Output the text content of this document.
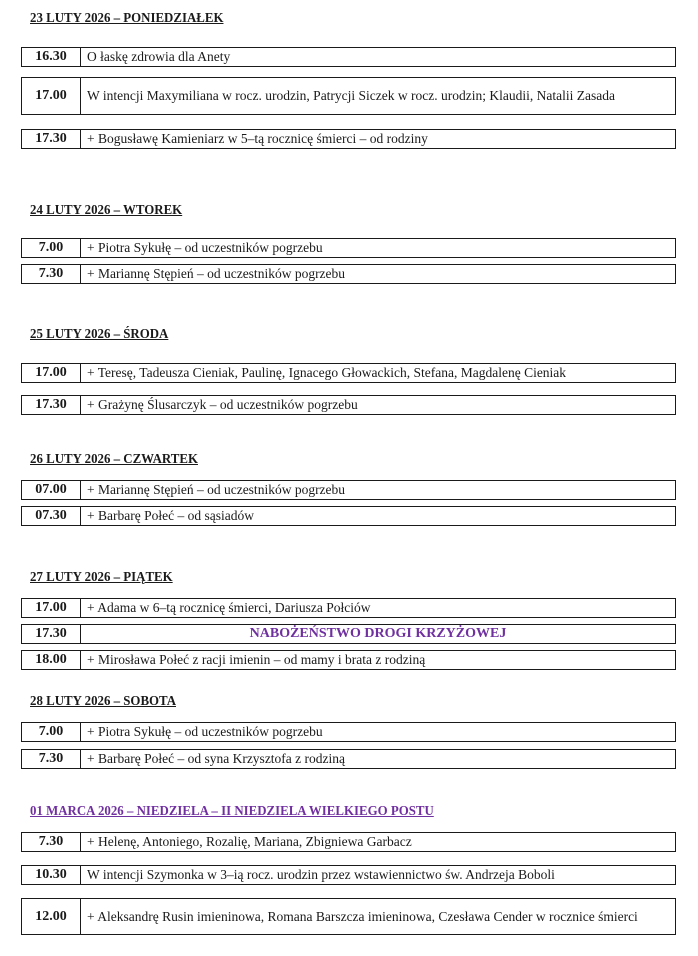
23 LUTY 2026 – PONIEDZIAŁEK
16.30	O łaskę zdrowia dla Anety
17.00	W intencji Maxymiliana w rocz. urodzin, Patrycji Siczek w rocz. urodzin; Klaudii, Natalii Zasada
17.30	+ Bogusławę Kamieniarz w 5–tą rocznicę śmierci – od rodziny
24 LUTY 2026 – WTOREK
7.00	+ Piotra Sykułę – od uczestników pogrzebu
7.30	+ Mariannę Stępień – od uczestników pogrzebu
25 LUTY 2026 – ŚRODA
17.00	+ Teresę, Tadeusza Cieniak, Paulinę, Ignacego Głowackich, Stefana, Magdalenę Cieniak
17.30	+ Grażynę Ślusarczyk – od uczestników pogrzebu
26 LUTY 2026 – CZWARTEK
07.00	+ Mariannę Stępień – od uczestników pogrzebu
07.30	+ Barbarę Połeć – od sąsiadów
27 LUTY 2026 – PIĄTEK
17.00	+ Adama w 6–tą rocznicę śmierci, Dariusza Połciów
17.30	NABOŻEŃSTWO DROGI KRZYŻOWEJ
18.00	+ Mirosława Połeć z racji imienin – od mamy i brata z rodziną
28 LUTY 2026 – SOBOTA
7.00	+ Piotra Sykułę – od uczestników pogrzebu
7.30	+ Barbarę Połeć – od syna Krzysztofa z rodziną
01 MARCA 2026 – NIEDZIELA – II NIEDZIELA WIELKIEGO POSTU
7.30	+ Helenę, Antoniego, Rozalię, Mariana, Zbigniewa Garbacz
10.30	W intencji Szymonka w 3–ią rocz. urodzin przez wstawiennictwo św. Andrzeja Boboli
12.00	+ Aleksandrę Rusin imieninowa, Romana Barszcza imieninowa, Czesława Cender w rocznice śmierci
